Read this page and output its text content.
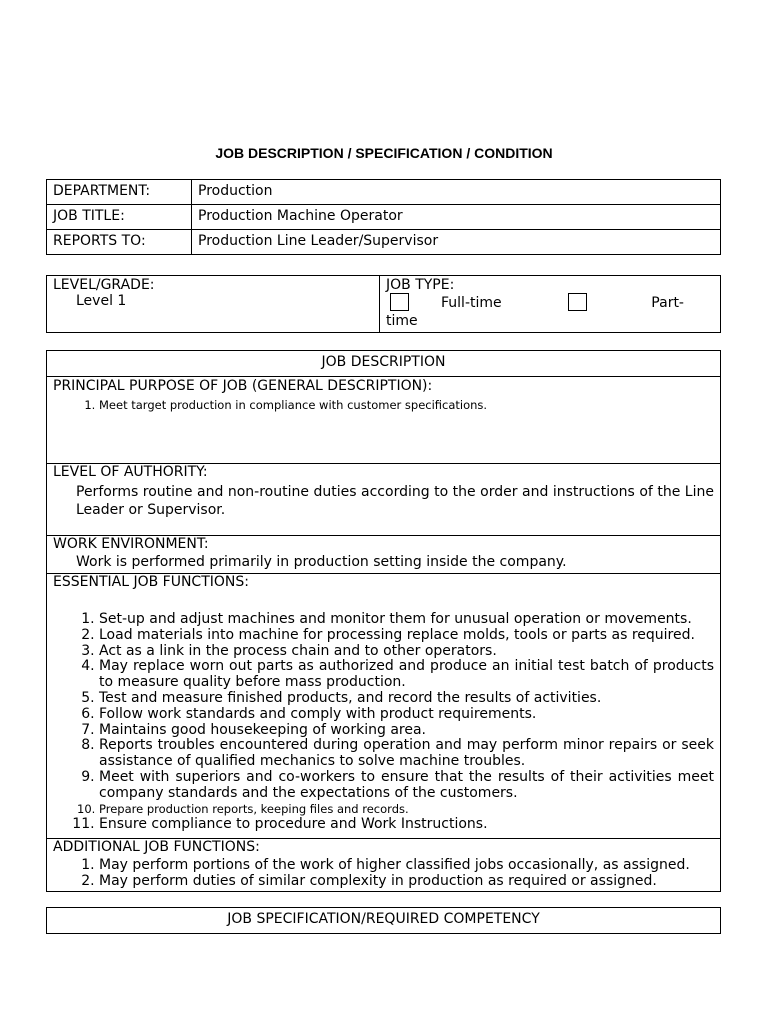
JOB DESCRIPTION / SPECIFICATION / CONDITION
DEPARTMENT:	Production
JOB TITLE:	Production Machine Operator
REPORTS TO:	Production Line Leader/Supervisor
LEVEL/GRADE:
Level 1

JOB TYPE:
Full-time	Part-
time
JOB DESCRIPTION

PRINCIPAL PURPOSE OF JOB (GENERAL DESCRIPTION):
1. Meet target production in compliance with customer specifications.

LEVEL OF AUTHORITY:
Performs routine and non-routine duties according to the order and instructions of the Line Leader or Supervisor.

WORK ENVIRONMENT:
Work is performed primarily in production setting inside the company.

ESSENTIAL JOB FUNCTIONS:
1. Set-up and adjust machines and monitor them for unusual operation or movements.
2. Load materials into machine for processing replace molds, tools or parts as required.
3. Act as a link in the process chain and to other operators.
4. May replace worn out parts as authorized and produce an initial test batch of products to measure quality before mass production.
5. Test and measure finished products, and record the results of activities.
6. Follow work standards and comply with product requirements.
7. Maintains good housekeeping of working area.
8. Reports troubles encountered during operation and may perform minor repairs or seek assistance of qualified mechanics to solve machine troubles.
9. Meet with superiors and co-workers to ensure that the results of their activities meet company standards and the expectations of the customers.
10. Prepare production reports, keeping files and records.
11. Ensure compliance to procedure and Work Instructions.

ADDITIONAL JOB FUNCTIONS:
1. May perform portions of the work of higher classified jobs occasionally, as assigned.
2. May perform duties of similar complexity in production as required or assigned.
JOB SPECIFICATION/REQUIRED COMPETENCY
